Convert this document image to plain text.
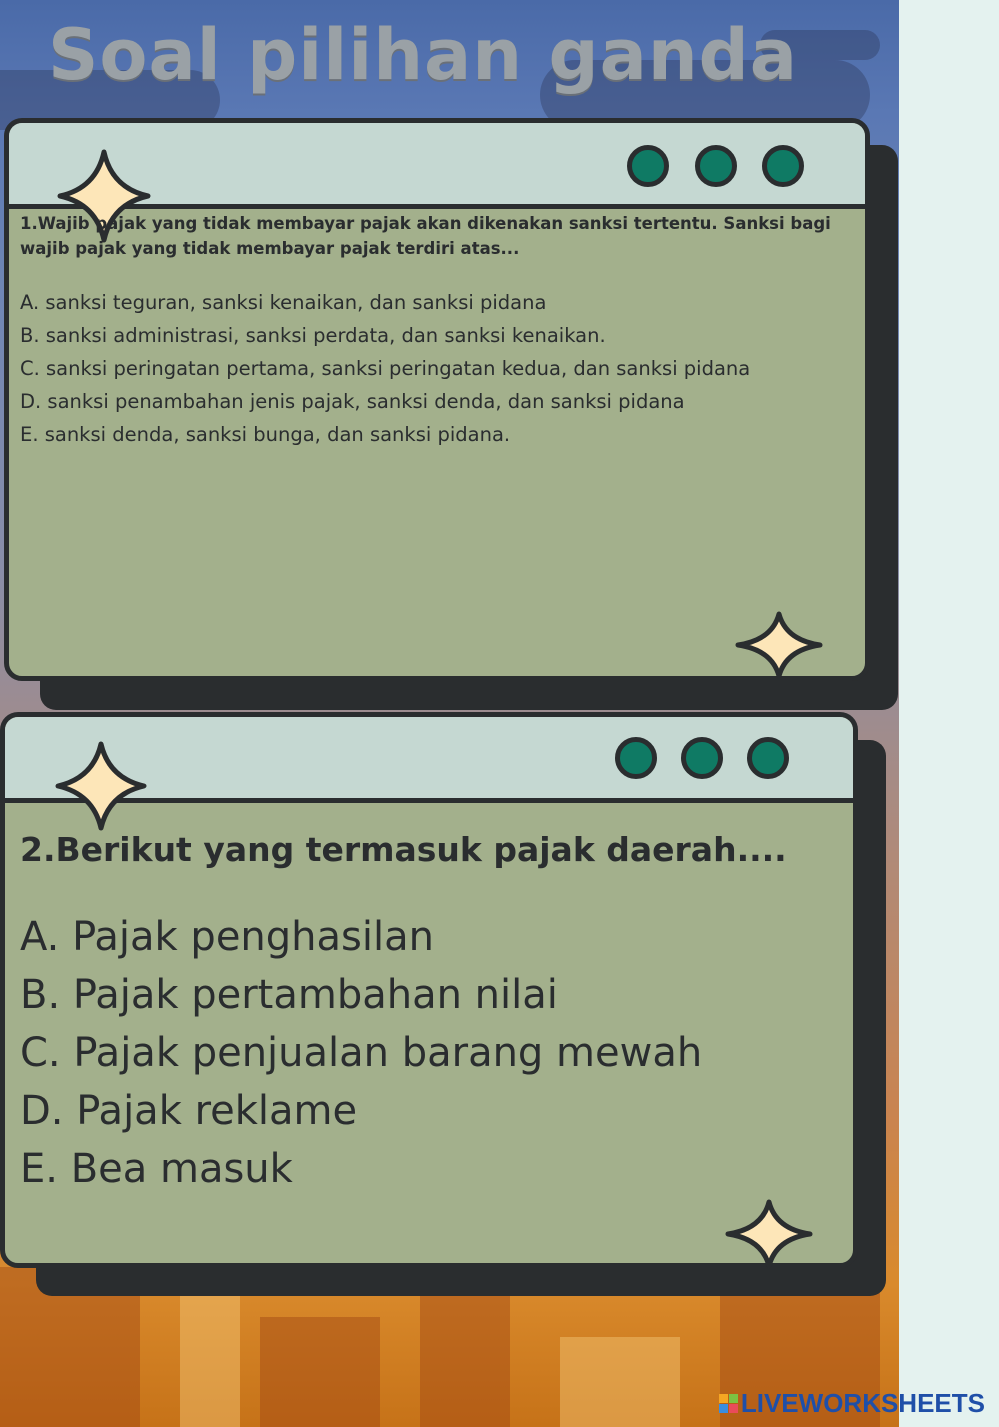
Soal pilihan ganda
1.Wajib pajak yang tidak membayar pajak akan dikenakan sanksi tertentu. Sanksi bagi wajib pajak yang tidak membayar pajak terdiri atas...
A. sanksi teguran, sanksi kenaikan, dan sanksi pidana
B. sanksi administrasi, sanksi perdata, dan sanksi kenaikan.
C. sanksi peringatan pertama, sanksi peringatan kedua, dan sanksi pidana
D. sanksi penambahan jenis pajak, sanksi denda, dan sanksi pidana
E. sanksi denda, sanksi bunga, dan sanksi pidana.
2.Berikut yang termasuk pajak daerah....
A. Pajak penghasilan
B. Pajak pertambahan nilai
C. Pajak penjualan barang mewah
D. Pajak reklame
E. Bea masuk
LIVEWORKSHEETS
